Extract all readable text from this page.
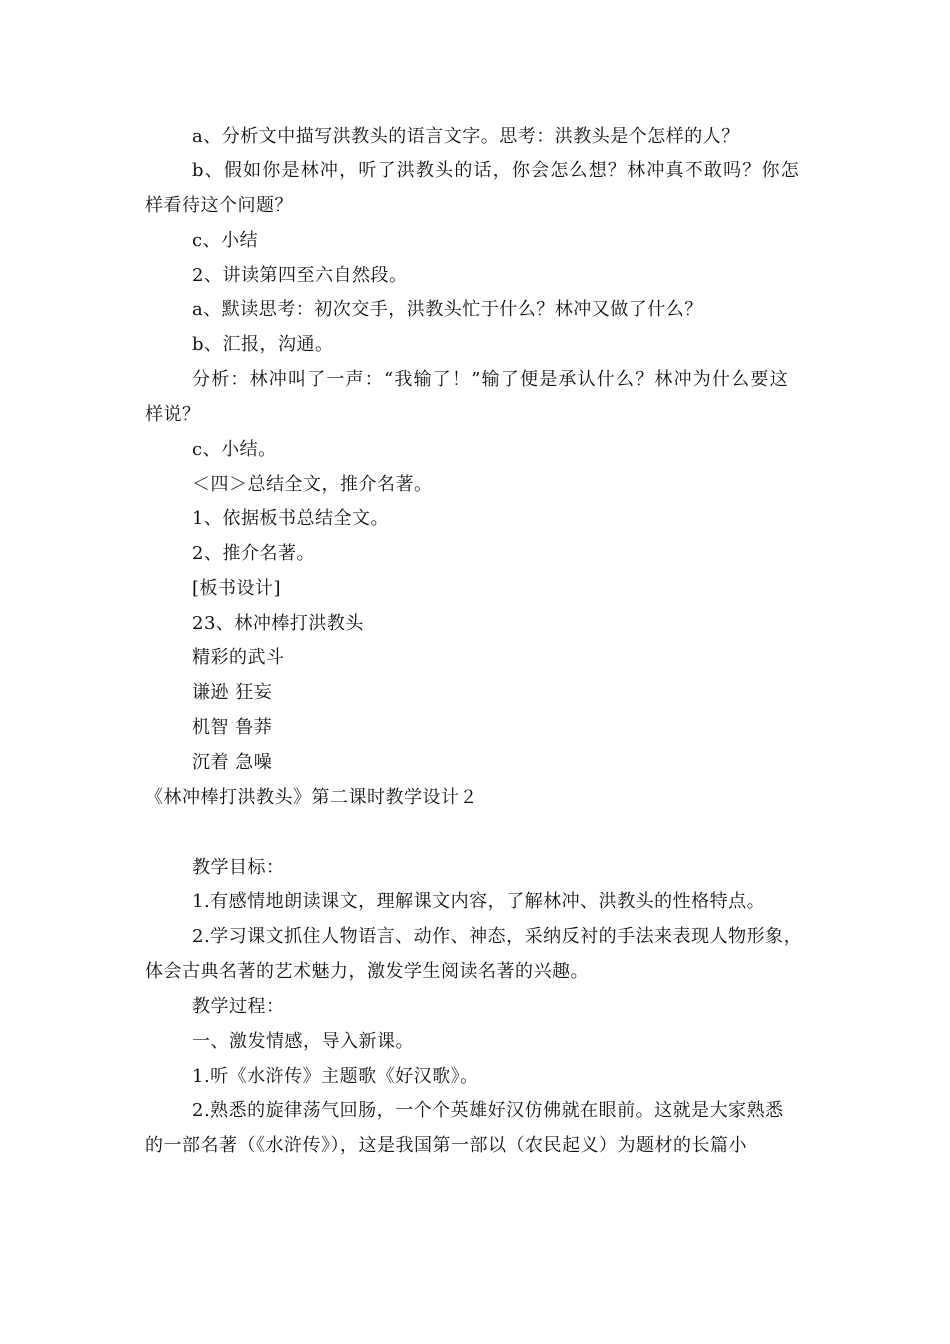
a、分析文中描写洪教头的语言文字。思考：洪教头是个怎样的人？
b、假如你是林冲，听了洪教头的话，你会怎么想？林冲真不敢吗？你怎
样看待这个问题？
c、小结
2、讲读第四至六自然段。
a、默读思考：初次交手，洪教头忙于什么？林冲又做了什么？
b、汇报，沟通。
分析：林冲叫了一声：“我输了！”输了便是承认什么？林冲为什么要这
样说？
c、小结。
＜四＞总结全文，推介名著。
1、依据板书总结全文。
2、推介名著。
[板书设计]
23、林冲棒打洪教头
精彩的武斗
谦逊 狂妄
机智 鲁莽
沉着 急噪
《林冲棒打洪教头》第二课时教学设计２
教学目标：
1.有感情地朗读课文，理解课文内容，了解林冲、洪教头的性格特点。
2.学习课文抓住人物语言、动作、神态，采纳反衬的手法来表现人物形象，
体会古典名著的艺术魅力，激发学生阅读名著的兴趣。
教学过程：
一、激发情感，导入新课。
1.听《水浒传》主题歌《好汉歌》。
2.熟悉的旋律荡气回肠，一个个英雄好汉仿佛就在眼前。这就是大家熟悉
的一部名著（《水浒传》），这是我国第一部以（农民起义）为题材的长篇小
